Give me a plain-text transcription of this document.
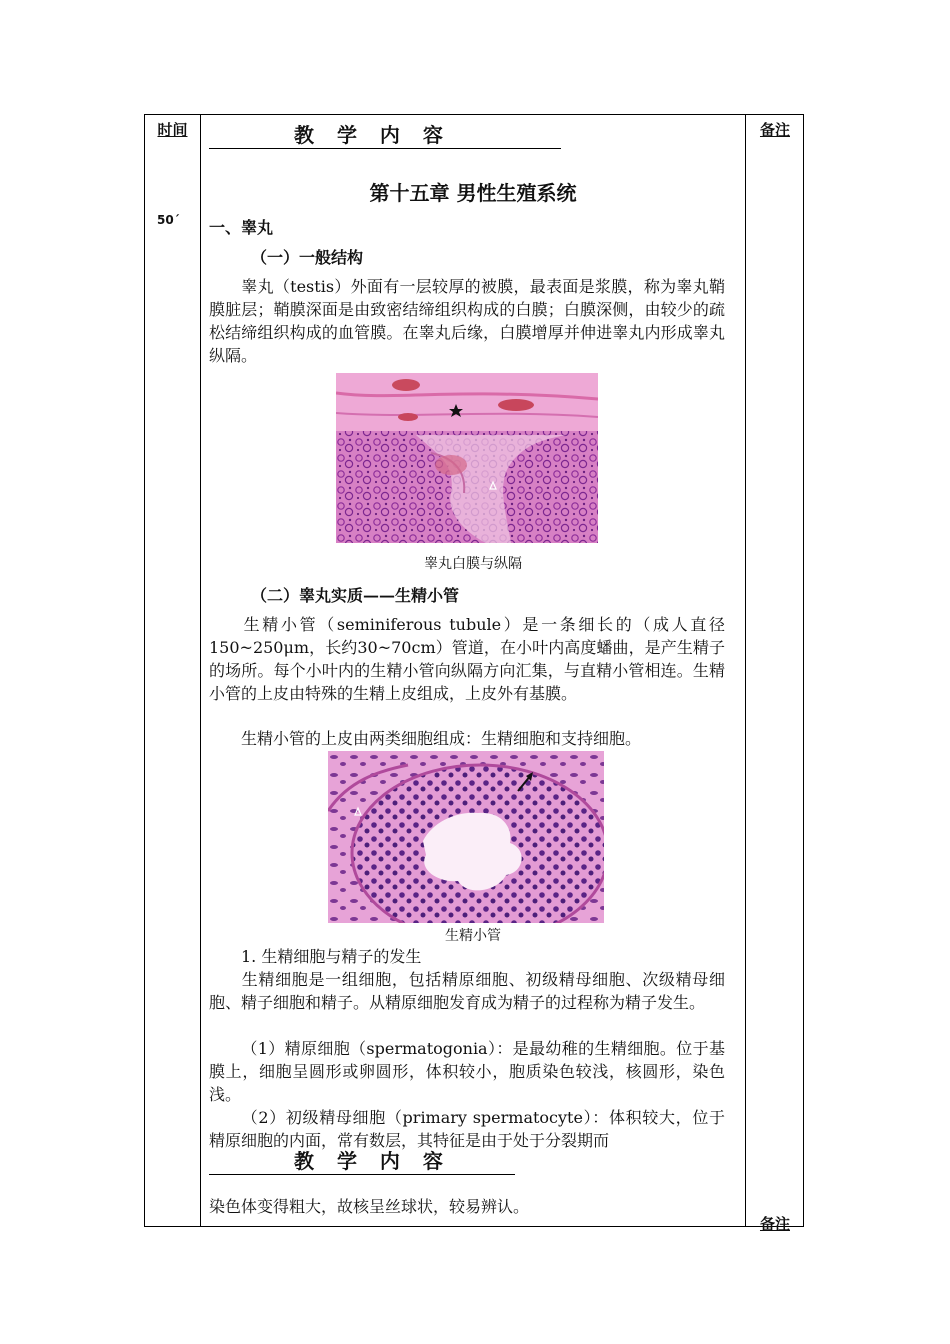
时间
50´
备注
备注
教 学 内 容
第十五章 男性生殖系统
一、睾丸
（一）一般结构
睾丸（testis）外面有一层较厚的被膜，最表面是浆膜，称为睾丸鞘膜脏层；鞘膜深面是由致密结缔组织构成的白膜；白膜深侧，由较少的疏松结缔组织构成的血管膜。在睾丸后缘，白膜增厚并伸进睾丸内形成睾丸纵隔。
睾丸白膜与纵隔
（二）睾丸实质——生精小管
生精小管（seminiferous tubule）是一条细长的（成人直径150~250μm，长约30~70cm）管道，在小叶内高度蟠曲，是产生精子的场所。每个小叶内的生精小管向纵隔方向汇集，与直精小管相连。生精小管的上皮由特殊的生精上皮组成，上皮外有基膜。
生精小管的上皮由两类细胞组成：生精细胞和支持细胞。
生精小管
1. 生精细胞与精子的发生
生精细胞是一组细胞，包括精原细胞、初级精母细胞、次级精母细胞、精子细胞和精子。从精原细胞发育成为精子的过程称为精子发生。
（1）精原细胞（spermatogonia）：是最幼稚的生精细胞。位于基膜上，细胞呈圆形或卵圆形，体积较小，胞质染色较浅，核圆形，染色浅。
（2）初级精母细胞（primary spermatocyte）：体积较大，位于精原细胞的内面，常有数层，其特征是由于处于分裂期而
教 学 内 容
染色体变得粗大，故核呈丝球状，较易辨认。
